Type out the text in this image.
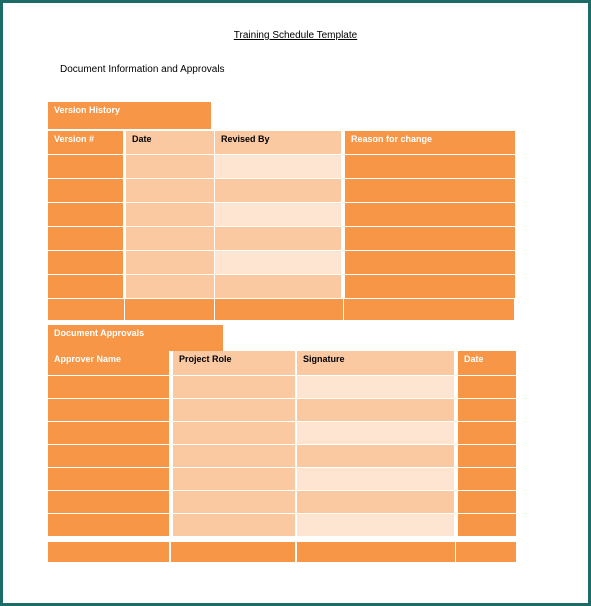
Training Schedule Template
Document Information and Approvals
Version History
Version #	Date	Revised By	Reason for change
Document Approvals
Approver Name	Project Role	Signature	Date
